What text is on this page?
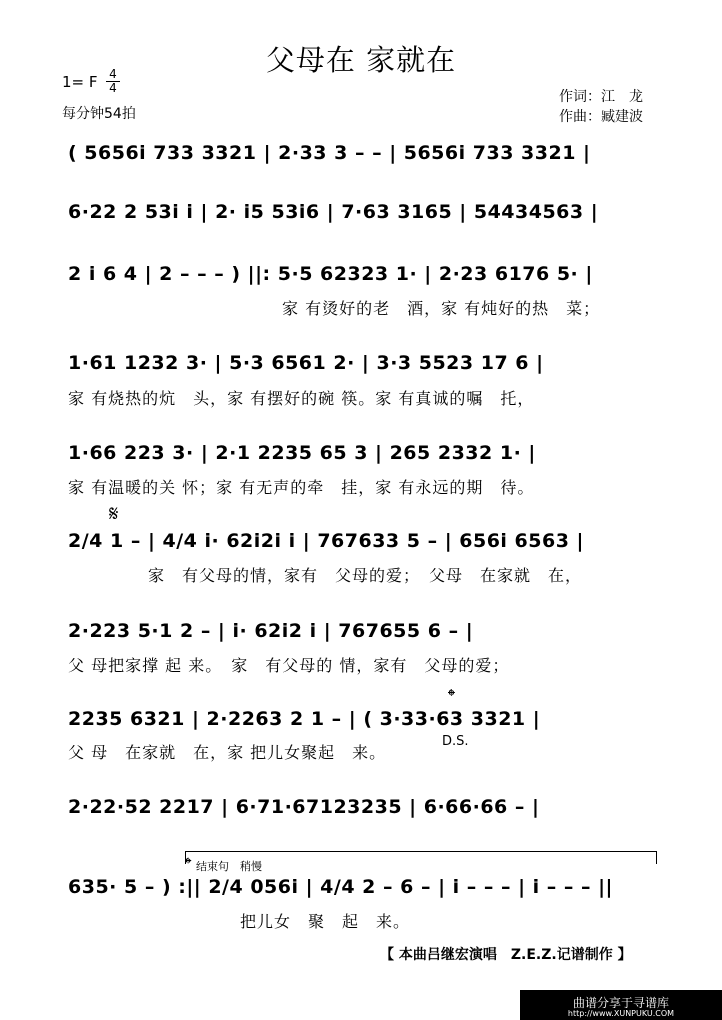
父母在 家就在
1= F 4
4
每分钟54拍
作词：江　龙
作曲：臧建波
( 5656i 733 3321 | 2·33 3 – – | 5656i 733 3321 |
6·22 2 53i i | 2· i5 53i6 | 7·63 3165 | 54434563 |
2 i 6 4 | 2 – – – ) ||: 5·5 62323 1· | 2·23 6176 5· |
家 有烫好的老　酒，家 有炖好的热　菜；
1·61 1232 3· | 5·3 6561 2· | 3·3 5523 17 6 |
家 有烧热的炕　头，家 有摆好的碗 筷。家 有真诚的嘱　托，
1·66 223 3· | 2·1 2235 65 3 | 265 2332 1· |
家 有温暖的关 怀；家 有无声的牵　挂，家 有永远的期　待。
𝄋
2/4 1 – | 4/4 i· 62i2i i | 767633 5 – | 656i 6563 |
家　有父母的情，家有　父母的爱；　父母　在家就　在，
2·223 5·1 2 – | i· 62i2 i | 767655 6 – |
父 母把家撑 起 来。　家　有父母的 情，家有　父母的爱；
𝄌
2235 6321 | 2·2263 2 1 – | ( 3·33·63 3321 |
父 母　在家就　在，家 把儿女聚起　来。
D.S.
2·22·52 2217 | 6·71·67123235 | 6·66·66 – |
𝄌 结束句　稍慢
635· 5 – ) :|| 2/4 056i | 4/4 2 – 6 – | i – – – | i – – – ||
把儿女　聚　起　来。
【 本曲吕继宏演唱　Z.E.Z.记谱制作 】
曲谱分享于寻谱库
http://www.XUNPUKU.COM
